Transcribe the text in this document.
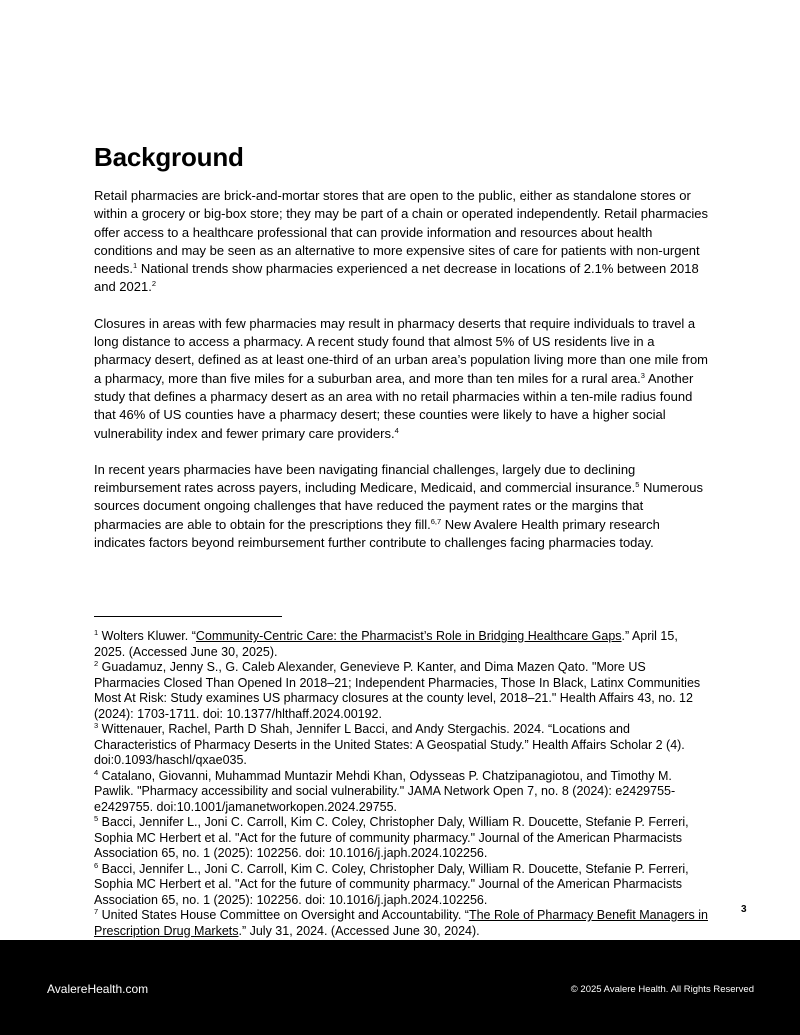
Background

Retail pharmacies are brick-and-mortar stores that are open to the public, either as standalone stores or within a grocery or big-box store; they may be part of a chain or operated independently. Retail pharmacies offer access to a healthcare professional that can provide information and resources about health conditions and may be seen as an alternative to more expensive sites of care for patients with non-urgent needs.$^1$ National trends show pharmacies experienced a net decrease in locations of 2.1% between 2018 and 2021.$^2$

Closures in areas with few pharmacies may result in pharmacy deserts that require individuals to travel a long distance to access a pharmacy. A recent study found that almost 5% of US residents live in a pharmacy desert, defined as at least one-third of an urban area’s population living more than one mile from a pharmacy, more than five miles for a suburban area, and more than ten miles for a rural area.$^3$ Another study that defines a pharmacy desert as an area with no retail pharmacies within a ten-mile radius found that 46% of US counties have a pharmacy desert; these counties were likely to have a higher social vulnerability index and fewer primary care providers.$^4$

In recent years pharmacies have been navigating financial challenges, largely due to declining reimbursement rates across payers, including Medicare, Medicaid, and commercial insurance.$^5$ Numerous sources document ongoing challenges that have reduced the payment rates or the margins that pharmacies are able to obtain for the prescriptions they fill.$^{6,7}$ New Avalere Health primary research indicates factors beyond reimbursement further contribute to challenges facing pharmacies today.

$^1$ Wolters Kluwer. “Community-Centric Care: the Pharmacist’s Role in Bridging Healthcare Gaps.” April 15, 2025. (Accessed June 30, 2025).

$^2$ Guadamuz, Jenny S., G. Caleb Alexander, Genevieve P. Kanter, and Dima Mazen Qato. "More US Pharmacies Closed Than Opened In 2018–21; Independent Pharmacies, Those In Black, Latinx Communities Most At Risk: Study examines US pharmacy closures at the county level, 2018–21." Health Affairs 43, no. 12 (2024): 1703-1711. doi: 10.1377/hlthaff.2024.00192.

$^3$ Wittenauer, Rachel, Parth D Shah, Jennifer L Bacci, and Andy Stergachis. 2024. “Locations and Characteristics of Pharmacy Deserts in the United States: A Geospatial Study.” Health Affairs Scholar 2 (4). doi:0.1093/haschl/qxae035.

$^4$ Catalano, Giovanni, Muhammad Muntazir Mehdi Khan, Odysseas P. Chatzipanagiotou, and Timothy M. Pawlik. "Pharmacy accessibility and social vulnerability." JAMA Network Open 7, no. 8 (2024): e2429755-e2429755. doi:10.1001/jamanetworkopen.2024.29755.

$^5$ Bacci, Jennifer L., Joni C. Carroll, Kim C. Coley, Christopher Daly, William R. Doucette, Stefanie P. Ferreri, Sophia MC Herbert et al. "Act for the future of community pharmacy." Journal of the American Pharmacists Association 65, no. 1 (2025): 102256. doi: 10.1016/j.japh.2024.102256.

$^6$ Bacci, Jennifer L., Joni C. Carroll, Kim C. Coley, Christopher Daly, William R. Doucette, Stefanie P. Ferreri, Sophia MC Herbert et al. "Act for the future of community pharmacy." Journal of the American Pharmacists Association 65, no. 1 (2025): 102256. doi: 10.1016/j.japh.2024.102256.

$^7$ United States House Committee on Oversight and Accountability. “The Role of Pharmacy Benefit Managers in Prescription Drug Markets.” July 31, 2024. (Accessed June 30, 2024).

3
AvalereHealth.com	© 2025 Avalere Health. All Rights Reserved
